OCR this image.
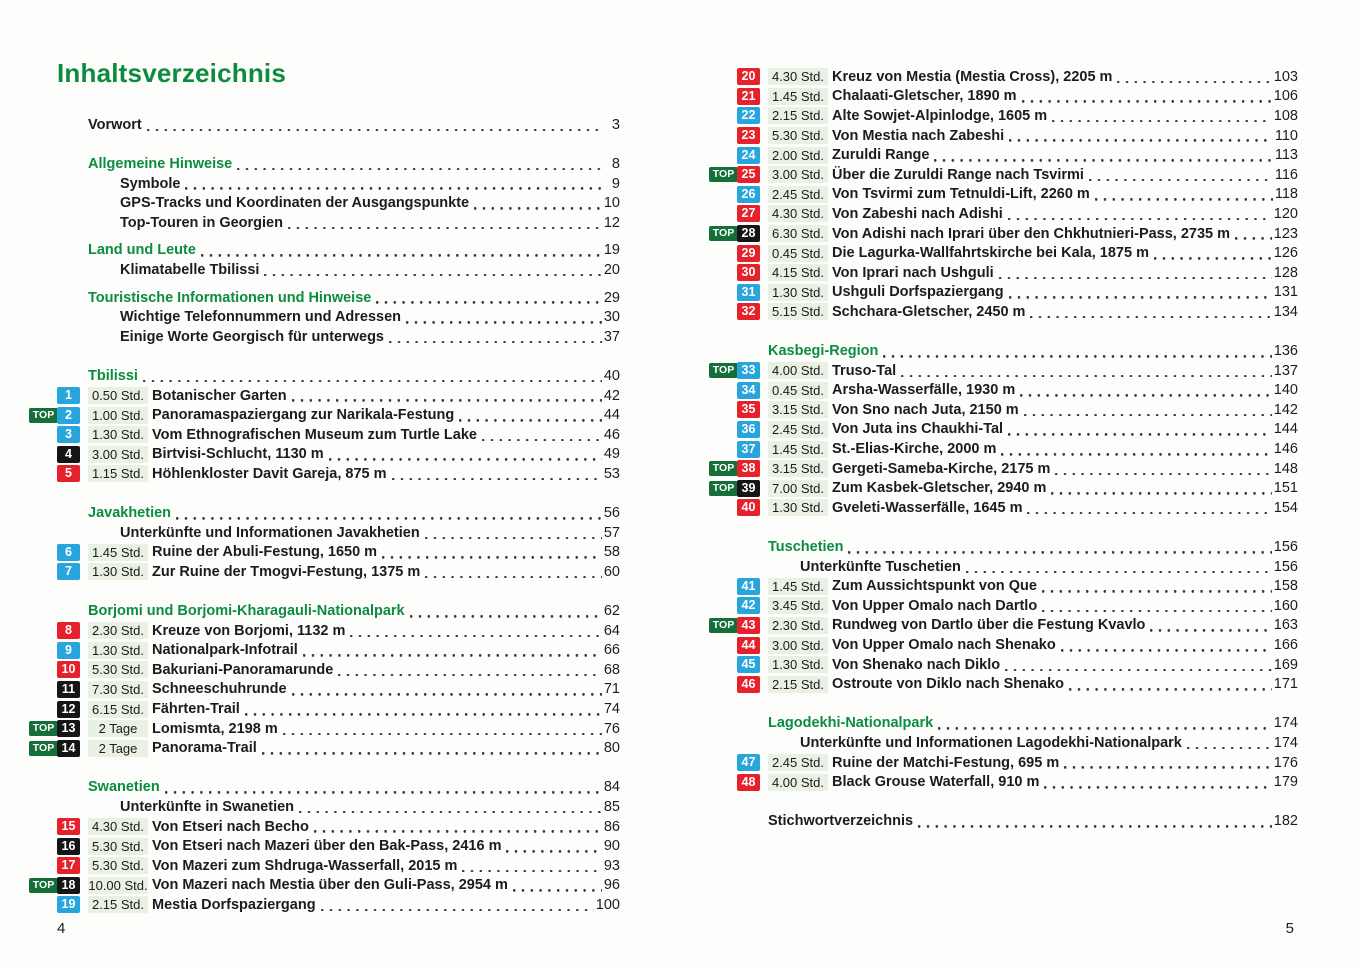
Inhaltsverzeichnis
Vorwort	3
Allgemeine Hinweise	8
Symbole	9
GPS-Tracks und Koordinaten der Ausgangspunkte	10
Top-Touren in Georgien	12
Land und Leute	19
Klimatabelle Tbilissi	20
Touristische Informationen und Hinweise	29
Wichtige Telefonnummern und Adressen	30
Einige Worte Georgisch für unterwegs	37
Tbilissi	40
1	0.50 Std. Botanischer Garten	42
TOP 2	1.00 Std. Panoramaspaziergang zur Narikala-Festung	44
3	1.30 Std. Vom Ethnografischen Museum zum Turtle Lake	46
4	3.00 Std. Birtvisi-Schlucht, 1130 m	49
5	1.15 Std. Höhlenkloster Davit Gareja, 875 m	53
Javakhetien	56
Unterkünfte und Informationen Javakhetien	57
6	1.45 Std. Ruine der Abuli-Festung, 1650 m	58
7	1.30 Std. Zur Ruine der Tmogvi-Festung, 1375 m	60
Borjomi und Borjomi-Kharagauli-Nationalpark	62
8	2.30 Std. Kreuze von Borjomi, 1132 m	64
9	1.30 Std. Nationalpark-Infotrail	66
10	5.30 Std. Bakuriani-Panoramarunde	68
11	7.30 Std. Schneeschuhrunde	71
12	6.15 Std. Fährten-Trail	74
TOP 13	2 Tage	Lomismta, 2198 m	76
TOP 14	2 Tage	Panorama-Trail	80
Swanetien	84
Unterkünfte in Swanetien	85
15	4.30 Std. Von Etseri nach Becho	86
16	5.30 Std. Von Etseri nach Mazeri über den Bak-Pass, 2416 m	90
17	5.30 Std. Von Mazeri zum Shdruga-Wasserfall, 2015 m	93
TOP 18 10.00 Std. Von Mazeri nach Mestia über den Guli-Pass, 2954 m	96
19	2.15 Std. Mestia Dorfspaziergang	100
4
20	4.30 Std. Kreuz von Mestia (Mestia Cross), 2205 m	103
21	1.45 Std. Chalaati-Gletscher, 1890 m	106
22	2.15 Std. Alte Sowjet-Alpinlodge, 1605 m	108
23	5.30 Std. Von Mestia nach Zabeshi	110
24	2.00 Std. Zuruldi Range	113
TOP 25	3.00 Std. Über die Zuruldi Range nach Tsvirmi	116
26	2.45 Std. Von Tsvirmi zum Tetnuldi-Lift, 2260 m	118
27	4.30 Std. Von Zabeshi nach Adishi	120
TOP 28	6.30 Std. Von Adishi nach Iprari über den Chkhutnieri-Pass, 2735 m	123
29	0.45 Std. Die Lagurka-Wallfahrtskirche bei Kala, 1875 m	126
30	4.15 Std. Von Iprari nach Ushguli	128
31	1.30 Std. Ushguli Dorfspaziergang	131
32	5.15 Std. Schchara-Gletscher, 2450 m	134
Kasbegi-Region	136
TOP 33	4.00 Std. Truso-Tal	137
34	0.45 Std. Arsha-Wasserfälle, 1930 m	140
35	3.15 Std. Von Sno nach Juta, 2150 m	142
36	2.45 Std. Von Juta ins Chaukhi-Tal	144
37	1.45 Std. St.-Elias-Kirche, 2000 m	146
TOP 38	3.15 Std. Gergeti-Sameba-Kirche, 2175 m	148
TOP 39	7.00 Std. Zum Kasbek-Gletscher, 2940 m	151
40	1.30 Std. Gveleti-Wasserfälle, 1645 m	154
Tuschetien	156
Unterkünfte Tuschetien	156
41	1.45 Std. Zum Aussichtspunkt von Que	158
42	3.45 Std. Von Upper Omalo nach Dartlo	160
TOP 43	2.30 Std. Rundweg von Dartlo über die Festung Kvavlo	163
44	3.00 Std. Von Upper Omalo nach Shenako	166
45	1.30 Std. Von Shenako nach Diklo	169
46	2.15 Std. Ostroute von Diklo nach Shenako	171
Lagodekhi-Nationalpark	174
Unterkünfte und Informationen Lagodekhi-Nationalpark	174
47	2.45 Std. Ruine der Matchi-Festung, 695 m	176
48	4.00 Std. Black Grouse Waterfall, 910 m	179
Stichwortverzeichnis	182
5
